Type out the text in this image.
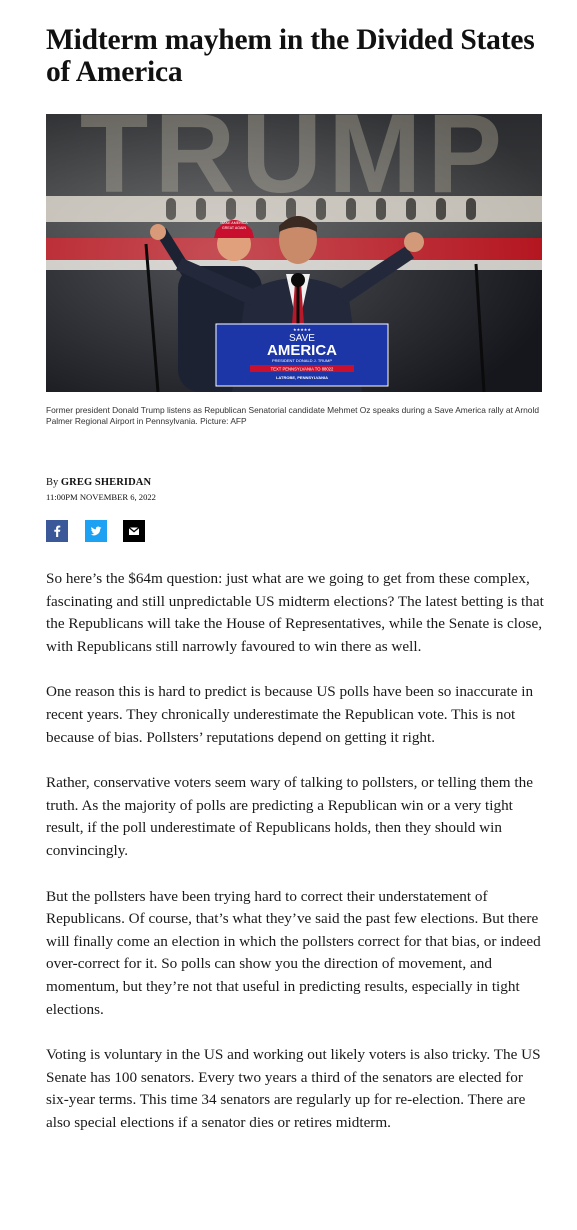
Midterm mayhem in the Divided States of America
MAKE AMERICA
GREAT AGAIN
★★★★★
SAVE
AMERICA
PRESIDENT DONALD J. TRUMP
TEXT PENNSYLVANIA TO 88022
LATROBE, PENNSYLVANIA

Former president Donald Trump listens as Republican Senatorial candidate Mehmet Oz speaks during a Save America rally at Arnold Palmer Regional Airport in Pennsylvania. Picture: AFP

By GREG SHERIDAN
11:00PM NOVEMBER 6, 2022

So here’s the $64m question: just what are we going to get from these complex, fascinating and still unpredictable US midterm elections? The latest betting is that the Republicans will take the House of Representatives, while the Senate is close, with Republicans still narrowly favoured to win there as well.

One reason this is hard to predict is because US polls have been so inaccurate in recent years. They chronically underestimate the Republican vote. This is not because of bias. Pollsters’ reputations depend on getting it right.

Rather, conservative voters seem wary of talking to pollsters, or telling them the truth. As the majority of polls are predicting a Republican win or a very tight result, if the poll underestimate of Republicans holds, then they should win convincingly.

But the pollsters have been trying hard to correct their understatement of Republicans. Of course, that’s what they’ve said the past few elections. But there will finally come an election in which the pollsters correct for that bias, or indeed over-correct for it. So polls can show you the direction of movement, and momentum, but they’re not that useful in predicting results, especially in tight elections.

Voting is voluntary in the US and working out likely voters is also tricky. The US Senate has 100 senators. Every two years a third of the senators are elected for six-year terms. This time 34 senators are regularly up for re-election. There are also special elections if a senator dies or retires midterm.
